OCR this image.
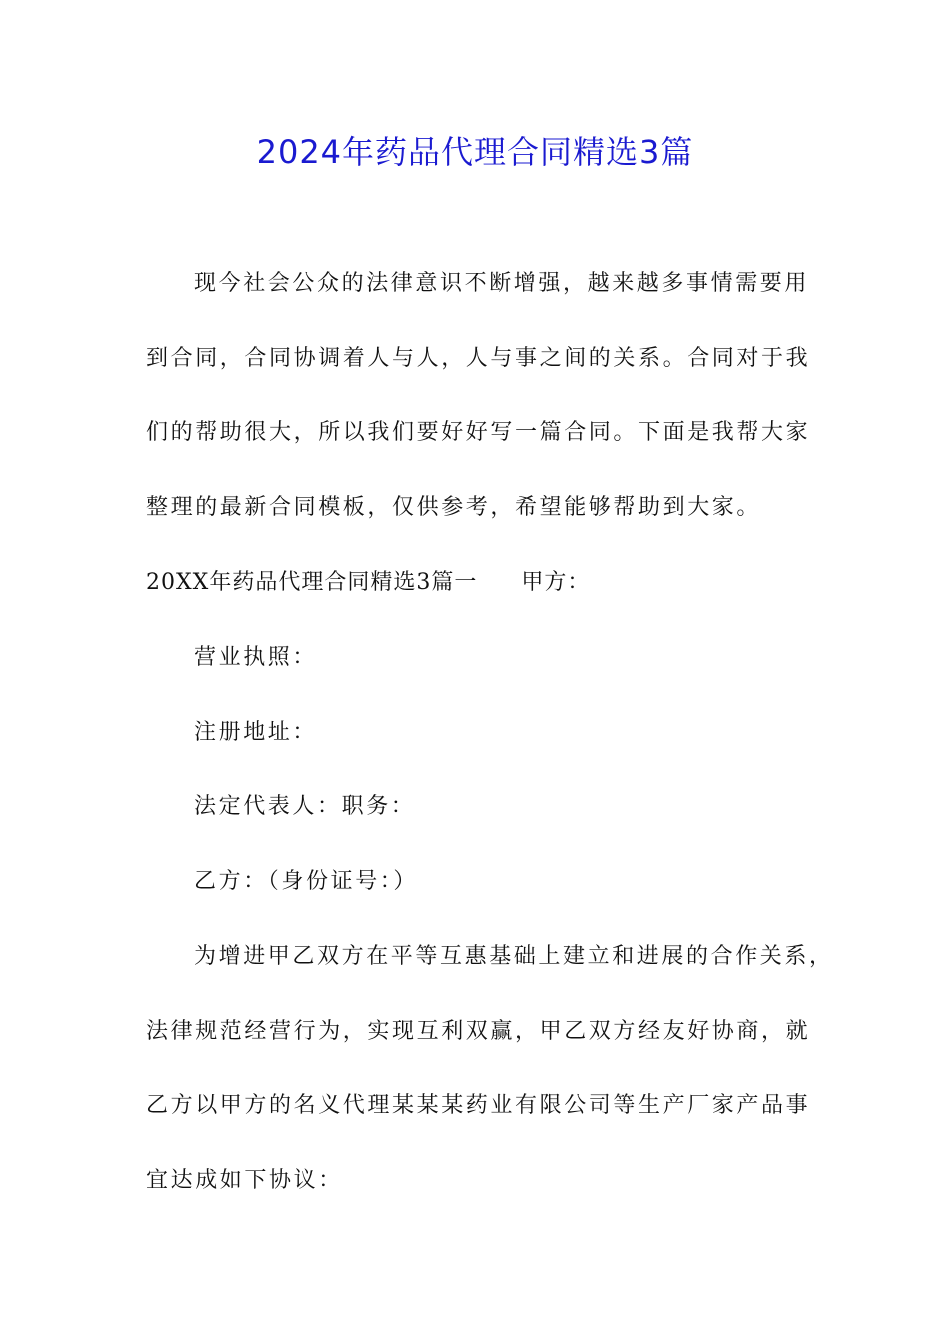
2024年药品代理合同精选3篇
现今社会公众的法律意识不断增强，越来越多事情需要用
到合同，合同协调着人与人，人与事之间的关系。合同对于我
们的帮助很大，所以我们要好好写一篇合同。下面是我帮大家
整理的最新合同模板，仅供参考，希望能够帮助到大家。
20XX年药品代理合同精选3篇一 甲方：
营业执照：
注册地址：
法定代表人：职务：
乙方：（身份证号：）
为增进甲乙双方在平等互惠基础上建立和进展的合作关系，
法律规范经营行为，实现互利双赢，甲乙双方经友好协商，就
乙方以甲方的名义代理某某某药业有限公司等生产厂家产品事
宜达成如下协议：
